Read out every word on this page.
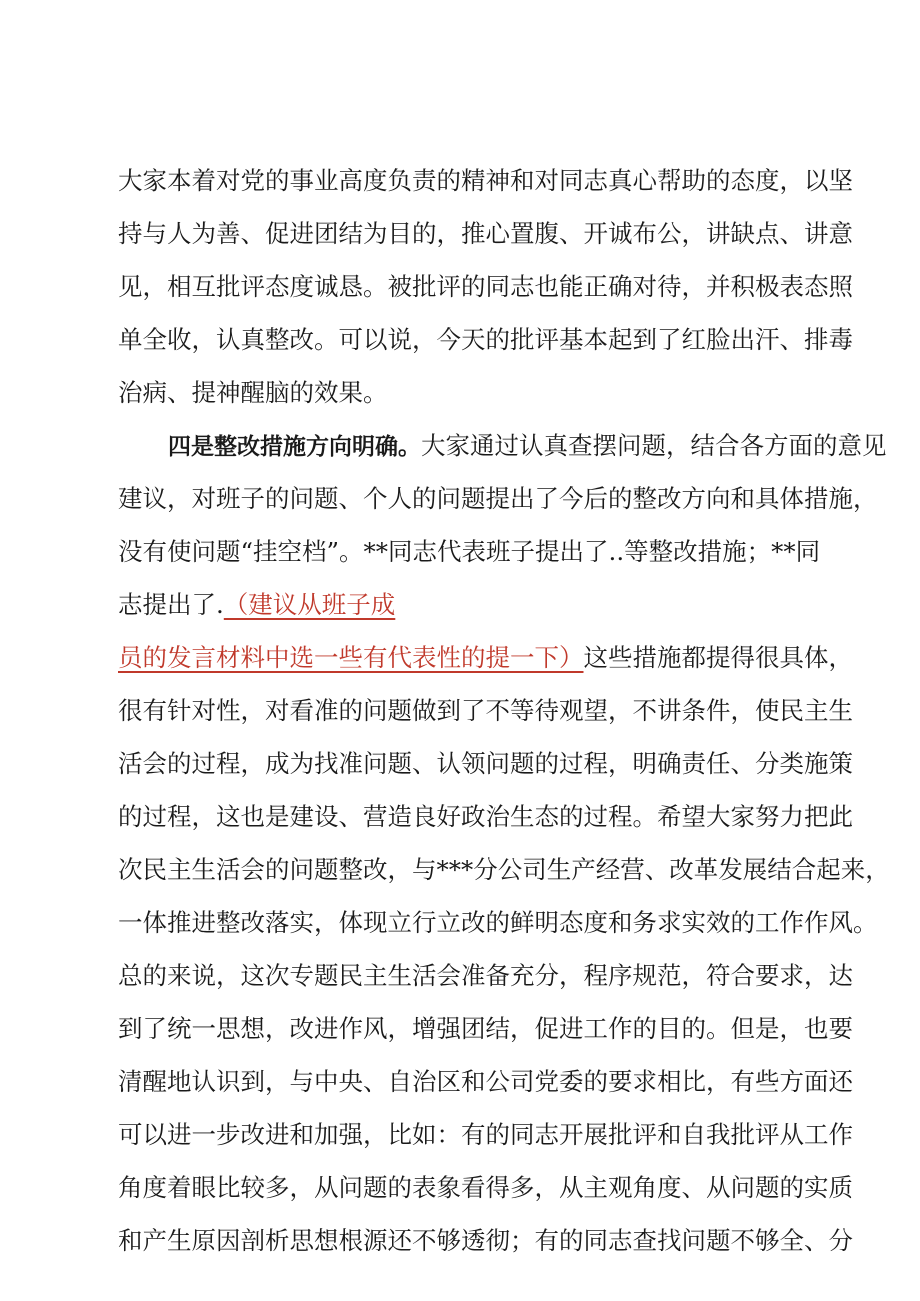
大家本着对党的事业高度负责的精神和对同志真心帮助的态度，以坚
持与人为善、促进团结为目的，推心置腹、开诚布公，讲缺点、讲意
见，相互批评态度诚恳。被批评的同志也能正确对待，并积极表态照
单全收，认真整改。可以说，今天的批评基本起到了红脸出汗、排毒
治病、提神醒脑的效果。
四是整改措施方向明确。大家通过认真查摆问题，结合各方面的意见
建议，对班子的问题、个人的问题提出了今后的整改方向和具体措施，
没有使问题“挂空档”。**同志代表班子提出了..等整改措施；**同
志提出了.（建议从班子成
员的发言材料中选一些有代表性的提一下）这些措施都提得很具体，
很有针对性，对看准的问题做到了不等待观望，不讲条件，使民主生
活会的过程，成为找准问题、认领问题的过程，明确责任、分类施策
的过程，这也是建设、营造良好政治生态的过程。希望大家努力把此
次民主生活会的问题整改，与***分公司生产经营、改革发展结合起来，
一体推进整改落实，体现立行立改的鲜明态度和务求实效的工作作风。
总的来说，这次专题民主生活会准备充分，程序规范，符合要求，达
到了统一思想，改进作风，增强团结，促进工作的目的。但是，也要
清醒地认识到，与中央、自治区和公司党委的要求相比，有些方面还
可以进一步改进和加强，比如：有的同志开展批评和自我批评从工作
角度着眼比较多，从问题的表象看得多，从主观角度、从问题的实质
和产生原因剖析思想根源还不够透彻；有的同志查找问题不够全、分
